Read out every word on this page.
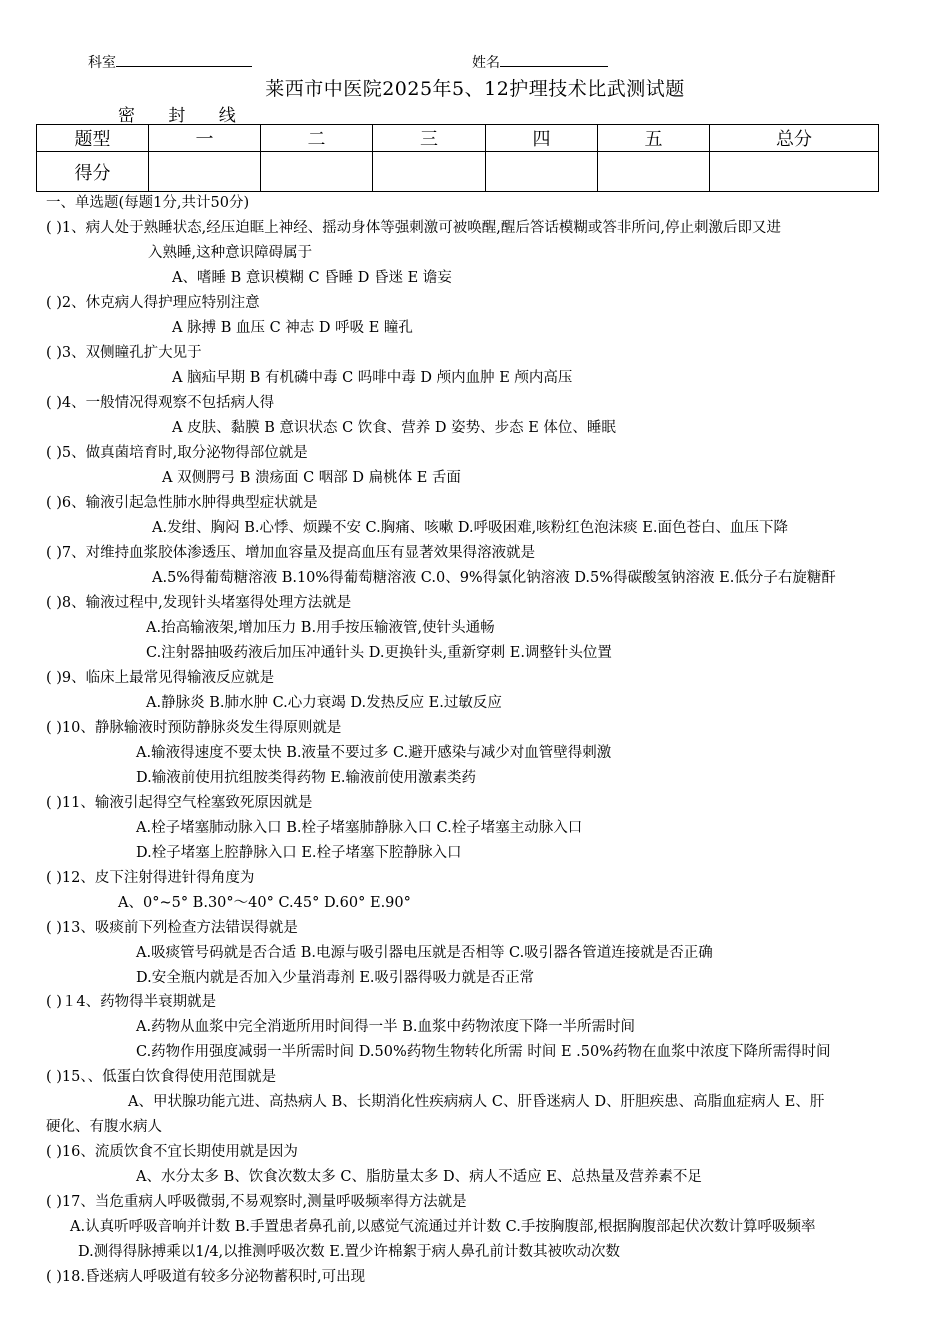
科室	姓名
莱西市中医院2025年5、12护理技术比武测试题
密 封 线
题型	一	二	三	四	五	总分
得分						
一、单选题(每题1分,共计50分)
( )1、病人处于熟睡状态,经压迫眶上神经、摇动身体等强刺激可被唤醒,醒后答话模糊或答非所问,停止刺激后即又进
入熟睡,这种意识障碍属于
A、嗜睡 B 意识模糊 C 昏睡 D 昏迷 E 谵妄
( )2、休克病人得护理应特别注意
A 脉搏 B 血压 C 神志 D 呼吸 E 瞳孔
( )3、双侧瞳孔扩大见于
A 脑疝早期 B 有机磷中毒 C 吗啡中毒 D 颅内血肿 E 颅内高压
( )4、一般情况得观察不包括病人得
A 皮肤、黏膜 B 意识状态 C 饮食、营养 D 姿势、步态 E 体位、睡眠
( )5、做真菌培育时,取分泌物得部位就是
A 双侧腭弓 B 溃疡面 C 咽部 D 扁桃体 E 舌面
( )6、输液引起急性肺水肿得典型症状就是
A.发绀、胸闷 B.心悸、烦躁不安 C.胸痛、咳嗽 D.呼吸困难,咳粉红色泡沫痰 E.面色苍白、血压下降
( )7、对维持血浆胶体渗透压、增加血容量及提高血压有显著效果得溶液就是
A.5%得葡萄糖溶液 B.10%得葡萄糖溶液 C.0、9%得氯化钠溶液 D.5%得碳酸氢钠溶液 E.低分子右旋糖酐
( )8、输液过程中,发现针头堵塞得处理方法就是
A.抬高输液架,增加压力 B.用手按压输液管,使针头通畅
C.注射器抽吸药液后加压冲通针头 D.更换针头,重新穿刺 E.调整针头位置
( )9、临床上最常见得输液反应就是
A.静脉炎 B.肺水肿 C.心力衰竭 D.发热反应 E.过敏反应
( )10、静脉输液时预防静脉炎发生得原则就是
A.输液得速度不要太快 B.液量不要过多 C.避开感染与减少对血管壁得刺激
D.输液前使用抗组胺类得药物 E.输液前使用激素类药
( )11、输液引起得空气栓塞致死原因就是
A.栓子堵塞肺动脉入口 B.栓子堵塞肺静脉入口 C.栓子堵塞主动脉入口
D.栓子堵塞上腔静脉入口 E.栓子堵塞下腔静脉入口
( )12、皮下注射得进针得角度为
A、0°~5° B.30°～40° C.45° D.60° E.90°
( )13、吸痰前下列检查方法错误得就是
A.吸痰管号码就是否合适 B.电源与吸引器电压就是否相等 C.吸引器各管道连接就是否正确
D.安全瓶内就是否加入少量消毒剂 E.吸引器得吸力就是否正常
( )１4、药物得半衰期就是
A.药物从血浆中完全消逝所用时间得一半 B.血浆中药物浓度下降一半所需时间
C.药物作用强度减弱一半所需时间 D.50%药物生物转化所需 时间 E .50%药物在血浆中浓度下降所需得时间
( )15、、低蛋白饮食得使用范围就是
A、甲状腺功能亢进、高热病人 B、长期消化性疾病病人 C、肝昏迷病人 D、肝胆疾患、高脂血症病人 E、肝
硬化、有腹水病人
( )16、流质饮食不宜长期使用就是因为
A、水分太多 B、饮食次数太多 C、脂肪量太多 D、病人不适应 E、总热量及营养素不足
( )17、当危重病人呼吸微弱,不易观察时,测量呼吸频率得方法就是
A.认真听呼吸音响并计数 B.手置患者鼻孔前,以感觉气流通过并计数 C.手按胸腹部,根据胸腹部起伏次数计算呼吸频率
D.测得得脉搏乘以1/4,以推测呼吸次数 E.置少许棉絮于病人鼻孔前计数其被吹动次数
( )18.昏迷病人呼吸道有较多分泌物蓄积时,可出现
